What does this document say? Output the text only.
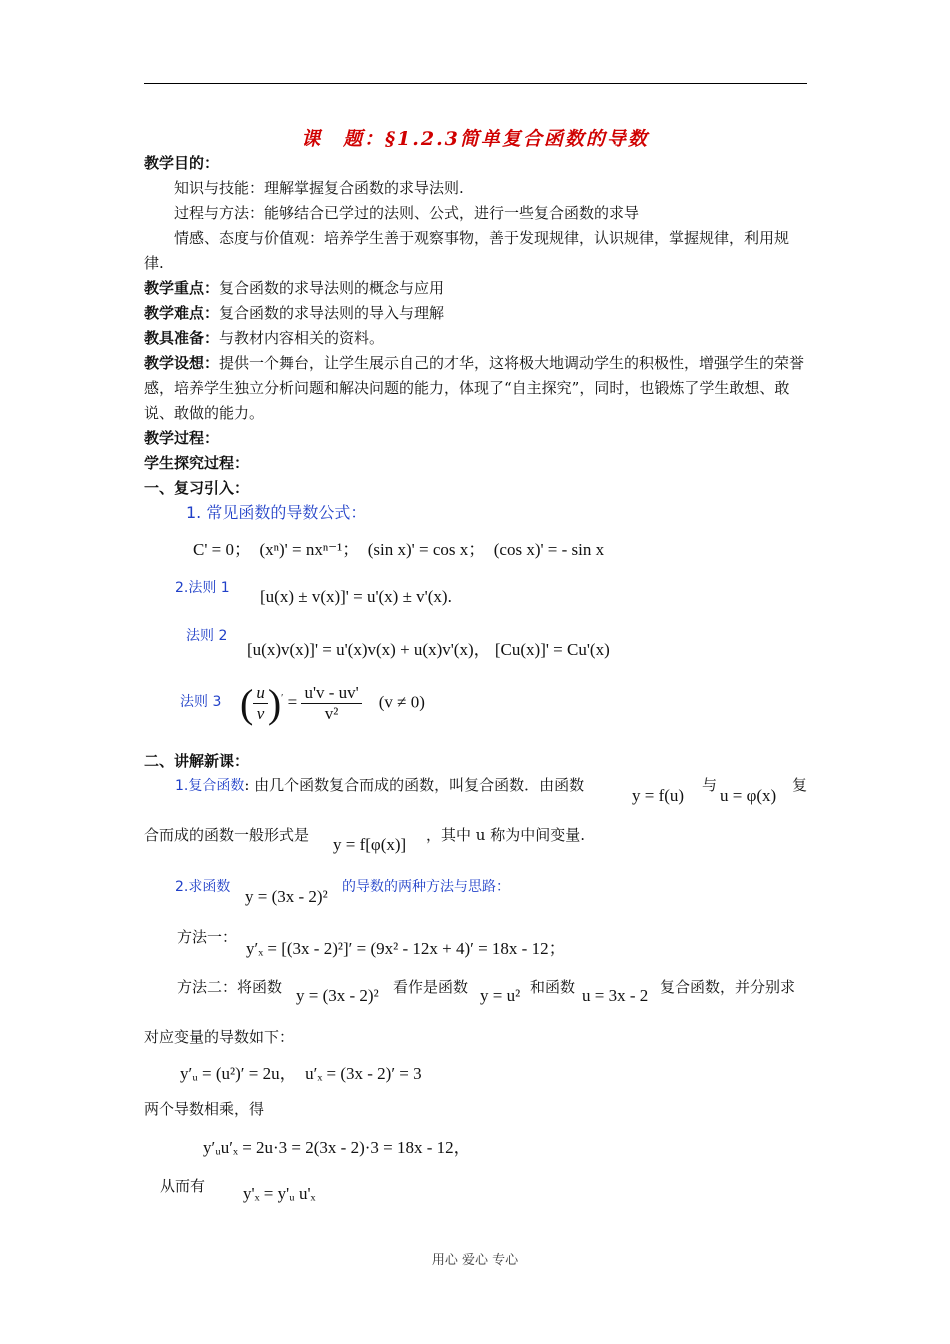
课　题：§1.2.3简单复合函数的导数
教学目的：
知识与技能：理解掌握复合函数的求导法则.
过程与方法：能够结合已学过的法则、公式，进行一些复合函数的求导
情感、态度与价值观：培养学生善于观察事物，善于发现规律，认识规律，掌握规律，利用规律.
教学重点：复合函数的求导法则的概念与应用
教学难点：复合函数的求导法则的导入与理解
教具准备：与教材内容相关的资料。
教学设想：提供一个舞台，让学生展示自己的才华，这将极大地调动学生的积极性，增强学生的荣誉感，培养学生独立分析问题和解决问题的能力，体现了“自主探究”，同时，也锻炼了学生敢想、敢说、敢做的能力。
教学过程：
学生探究过程：
一、复习引入：
1. 常见函数的导数公式：
C' = 0；  (xⁿ)' = nxⁿ⁻¹；  (sin x)' = cos x；  (cos x)' = - sin x
2.法则 1 [u(x) ± v(x)]' = u'(x) ± v'(x).
法则 2
[u(x)v(x)]' = u'(x)v(x) + u(x)v'(x)， [Cu(x)]' = Cu'(x)
法则 3 ( $\frac{u}{v} )' = \frac{u'v - uv'}{\text{v²}} (v \ne 0)$
二、讲解新课：
1.复合函数: 由几个函数复合而成的函数，叫复合函数．由函数
y = f(u)
与
u = φ(x)
复
合而成的函数一般形式是 y = f[φ(x)] ，其中 u 称为中间变量.
2.求函数 y = (3x - 2)² 的导数的两种方法与思路：
方法一：
y′ₓ = [(3x - 2)²]′ = (9x² - 12x + 4)′ = 18x - 12；
方法二：将函数 y = (3x - 2)² 看作是函数 y = u² 和函数 u = 3x - 2 复合函数，并分别求
对应变量的导数如下：
y′ᵤ = (u²)′ = 2u，  u′ₓ = (3x - 2)′ = 3
两个导数相乘，得
y′ᵤu′ₓ = 2u·3 = 2(3x - 2)·3 = 18x - 12，
从而有 y'ₓ = y'ᵤ u'ₓ
用心 爱心 专心
